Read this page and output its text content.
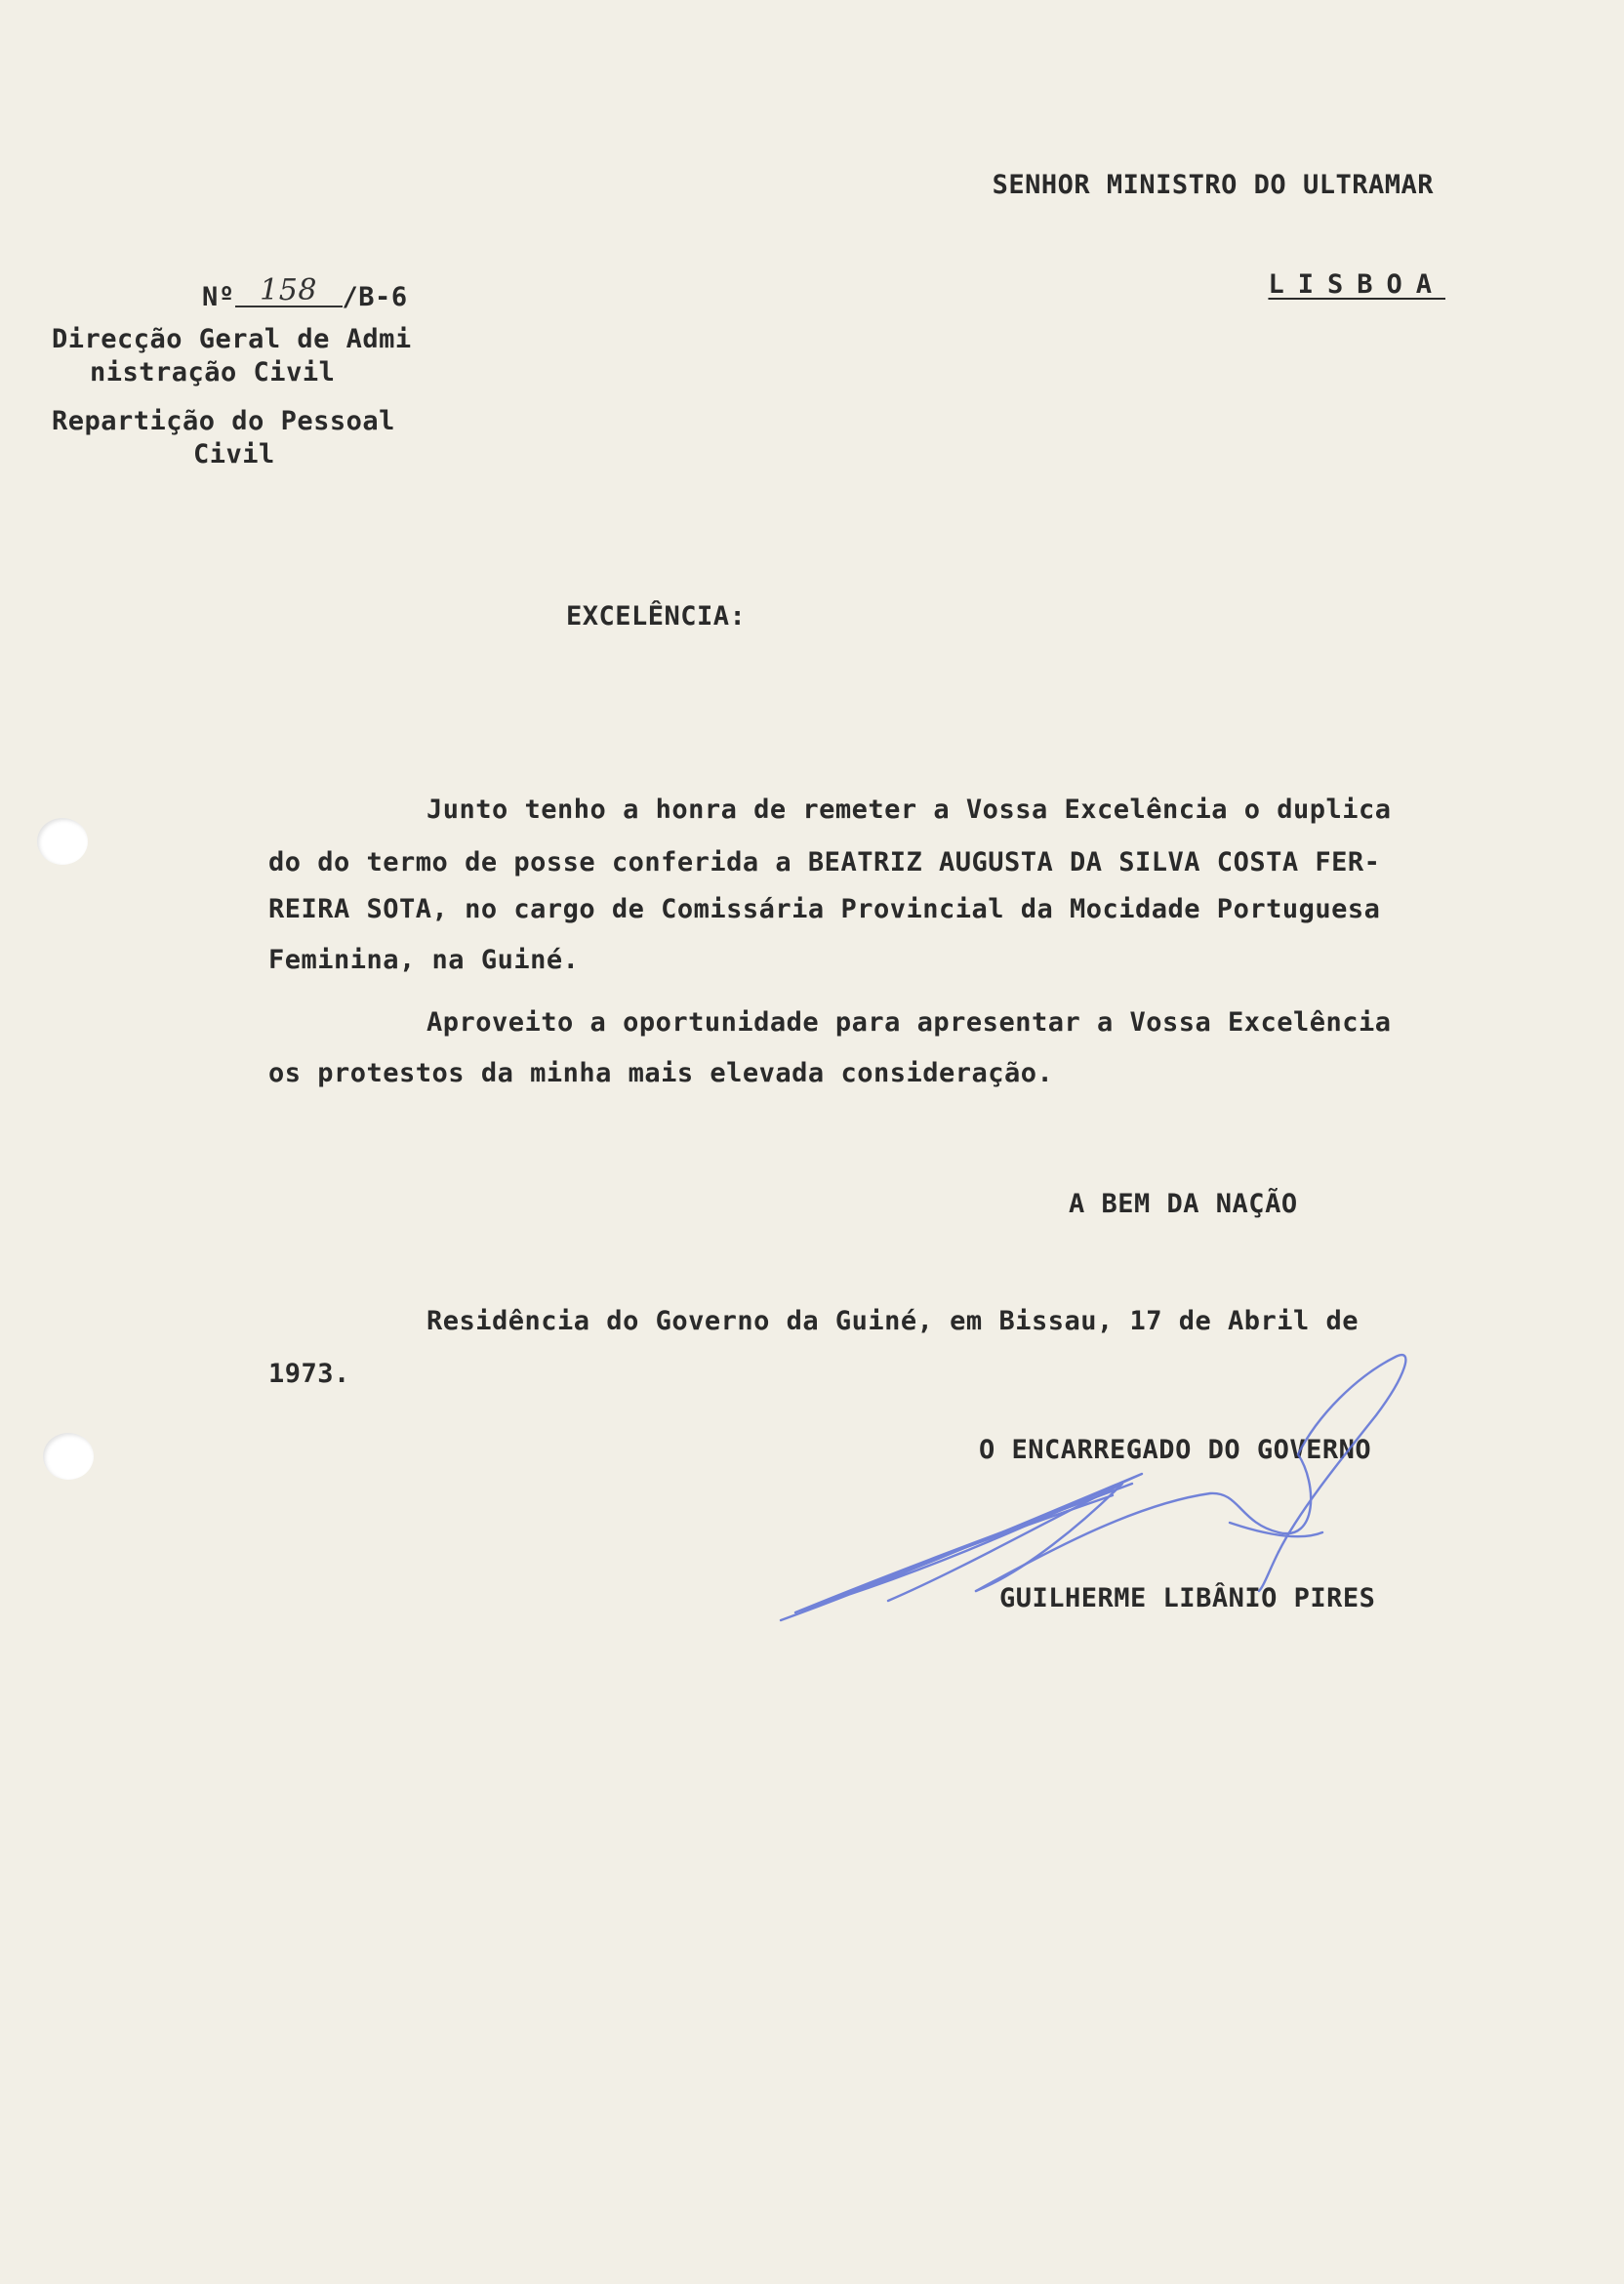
SENHOR MINISTRO DO ULTRAMAR
LISBOA

Nº 158 /B-6

Direcção Geral de Admi
nistração Civil
Repartição do Pessoal
Civil
EXCELÊNCIA:
Junto tenho a honra de remeter a Vossa Excelência o duplica
do do termo de posse conferida a BEATRIZ AUGUSTA DA SILVA COSTA FER-
REIRA SOTA, no cargo de Comissária Provincial da Mocidade Portuguesa
Feminina, na Guiné.
Aproveito a oportunidade para apresentar a Vossa Excelência
os protestos da minha mais elevada consideração.
A BEM DA NAÇÃO
Residência do Governo da Guiné, em Bissau, 17 de Abril de
1973.
O ENCARREGADO DO GOVERNO
GUILHERME LIBÂNIO PIRES
